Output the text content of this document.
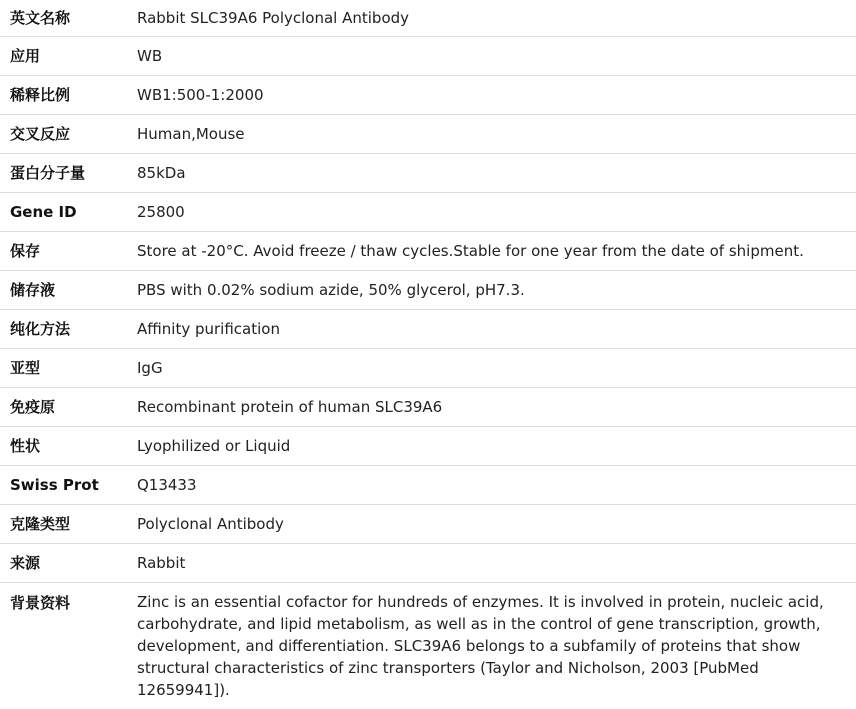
英文名称	Rabbit SLC39A6 Polyclonal Antibody
应用	WB
稀释比例	WB1:500-1:2000
交叉反应	Human,Mouse
蛋白分子量	85kDa
Gene ID	25800
保存	Store at -20°C. Avoid freeze / thaw cycles.Stable for one year from the date of shipment.
储存液	PBS with 0.02% sodium azide, 50% glycerol, pH7.3.
纯化方法	Affinity purification
亚型	IgG
免疫原	Recombinant protein of human SLC39A6
性状	Lyophilized or Liquid
Swiss Prot	Q13433
克隆类型	Polyclonal Antibody
来源	Rabbit
背景资料	Zinc is an essential cofactor for hundreds of enzymes. It is involved in protein, nucleic acid, carbohydrate, and lipid metabolism, as well as in the control of gene transcription, growth, development, and differentiation. SLC39A6 belongs to a subfamily of proteins that show structural characteristics of zinc transporters (Taylor and Nicholson, 2003 [PubMed 12659941]).
